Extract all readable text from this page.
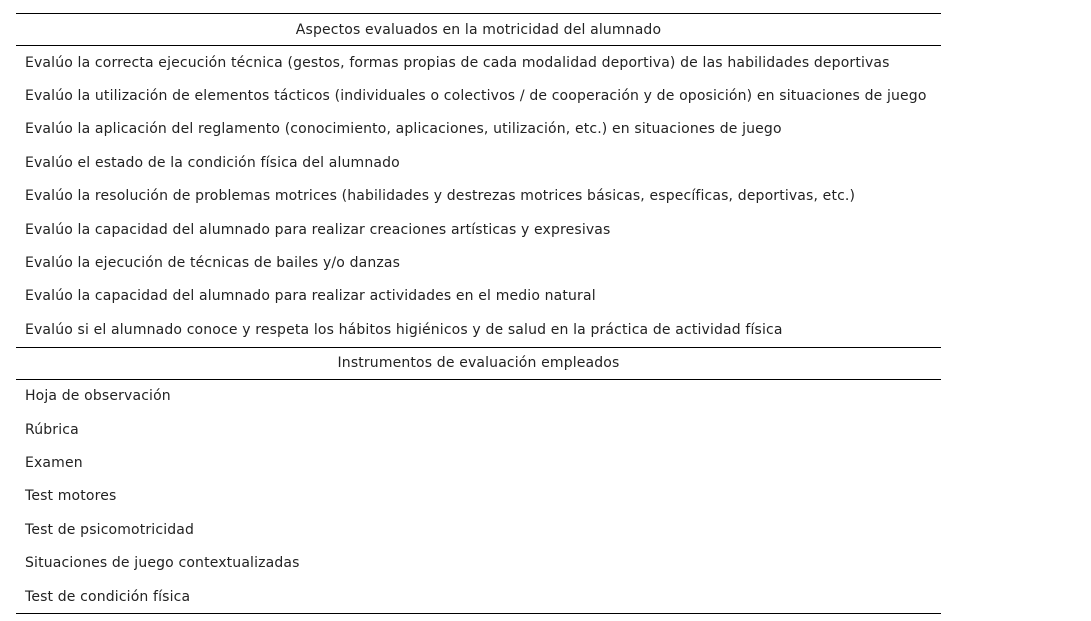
Aspectos evaluados en la motricidad del alumnado
Evalúo la correcta ejecución técnica (gestos, formas propias de cada modalidad deportiva) de las habilidades deportivas
Evalúo la utilización de elementos tácticos (individuales o colectivos / de cooperación y de oposición) en situaciones de juego
Evalúo la aplicación del reglamento (conocimiento, aplicaciones, utilización, etc.) en situaciones de juego
Evalúo el estado de la condición física del alumnado
Evalúo la resolución de problemas motrices (habilidades y destrezas motrices básicas, específicas, deportivas, etc.)
Evalúo la capacidad del alumnado para realizar creaciones artísticas y expresivas
Evalúo la ejecución de técnicas de bailes y/o danzas
Evalúo la capacidad del alumnado para realizar actividades en el medio natural
Evalúo si el alumnado conoce y respeta los hábitos higiénicos y de salud en la práctica de actividad física
Instrumentos de evaluación empleados
Hoja de observación
Rúbrica
Examen
Test motores
Test de psicomotricidad
Situaciones de juego contextualizadas
Test de condición física
